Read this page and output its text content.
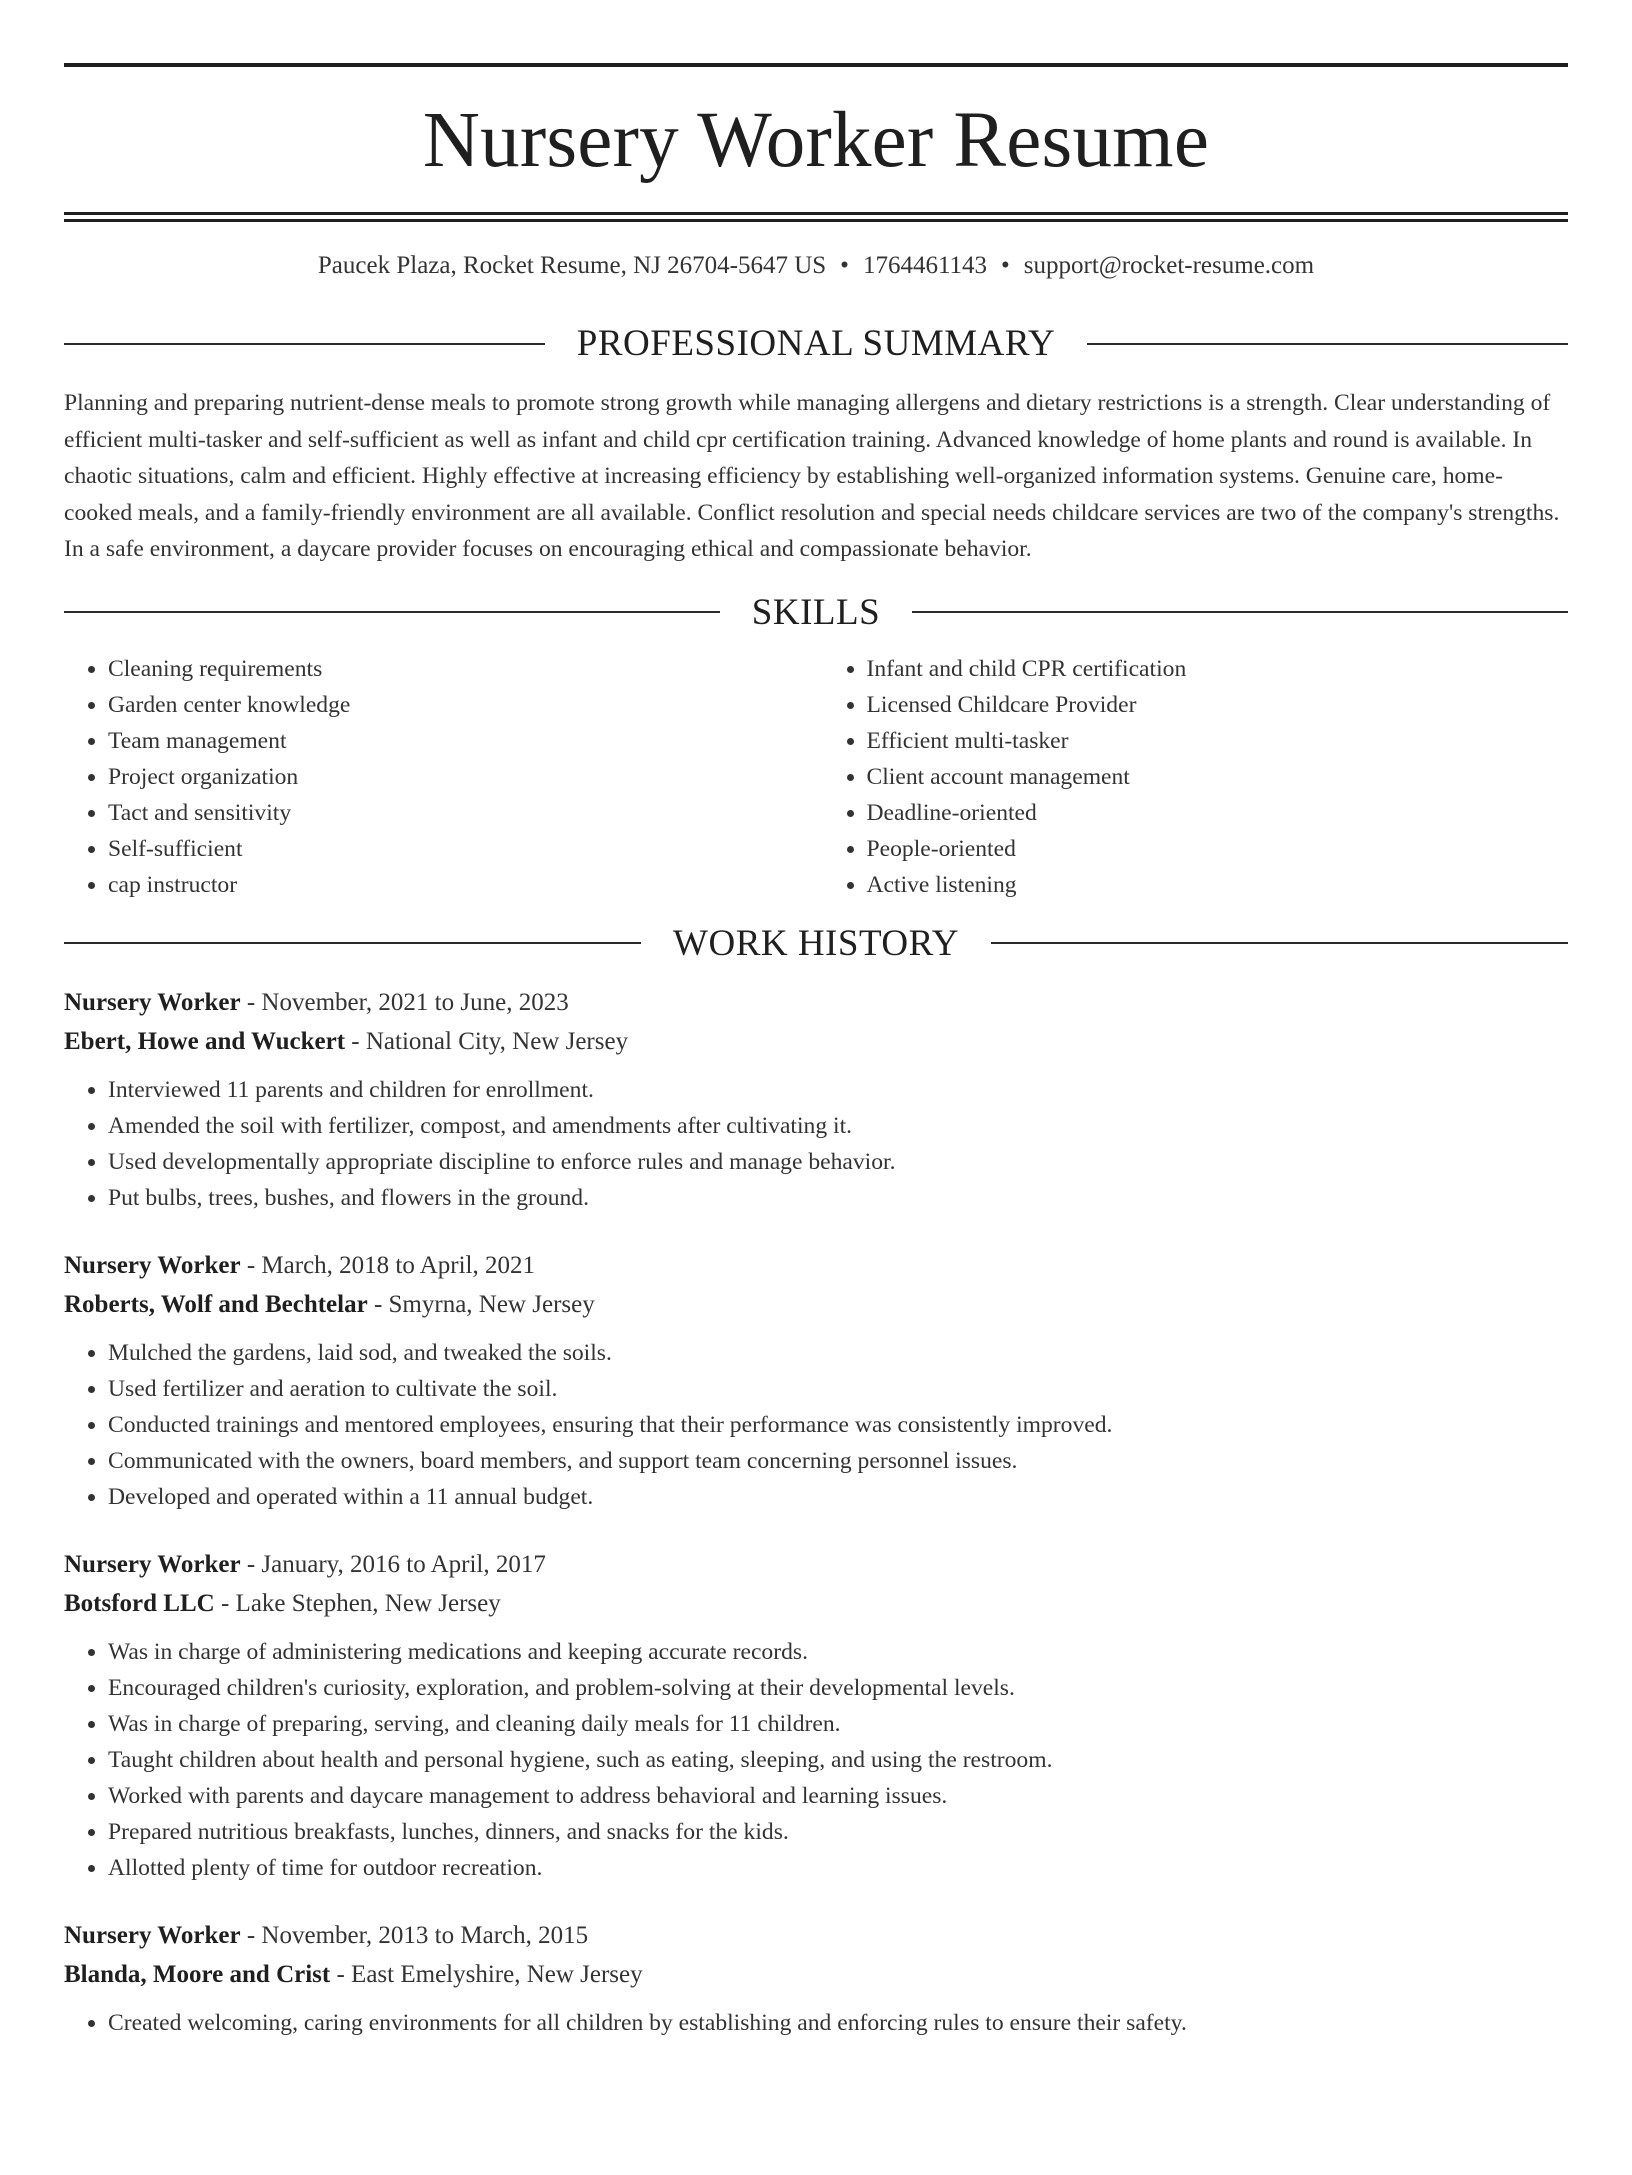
Nursery Worker Resume
Paucek Plaza, Rocket Resume, NJ 26704-5647 US • 1764461143 • support@rocket-resume.com
PROFESSIONAL SUMMARY
Planning and preparing nutrient-dense meals to promote strong growth while managing allergens and dietary restrictions is a strength. Clear understanding of efficient multi-tasker and self-sufficient as well as infant and child cpr certification training. Advanced knowledge of home plants and round is available. In chaotic situations, calm and efficient. Highly effective at increasing efficiency by establishing well-organized information systems. Genuine care, home-cooked meals, and a family-friendly environment are all available. Conflict resolution and special needs childcare services are two of the company's strengths. In a safe environment, a daycare provider focuses on encouraging ethical and compassionate behavior.
SKILLS
• Cleaning requirements
• Garden center knowledge
• Team management
• Project organization
• Tact and sensitivity
• Self-sufficient
• cap instructor
• Infant and child CPR certification
• Licensed Childcare Provider
• Efficient multi-tasker
• Client account management
• Deadline-oriented
• People-oriented
• Active listening
WORK HISTORY
Nursery Worker - November, 2021 to June, 2023
Ebert, Howe and Wuckert - National City, New Jersey
• Interviewed 11 parents and children for enrollment.
• Amended the soil with fertilizer, compost, and amendments after cultivating it.
• Used developmentally appropriate discipline to enforce rules and manage behavior.
• Put bulbs, trees, bushes, and flowers in the ground.
Nursery Worker - March, 2018 to April, 2021
Roberts, Wolf and Bechtelar - Smyrna, New Jersey
• Mulched the gardens, laid sod, and tweaked the soils.
• Used fertilizer and aeration to cultivate the soil.
• Conducted trainings and mentored employees, ensuring that their performance was consistently improved.
• Communicated with the owners, board members, and support team concerning personnel issues.
• Developed and operated within a 11 annual budget.
Nursery Worker - January, 2016 to April, 2017
Botsford LLC - Lake Stephen, New Jersey
• Was in charge of administering medications and keeping accurate records.
• Encouraged children's curiosity, exploration, and problem-solving at their developmental levels.
• Was in charge of preparing, serving, and cleaning daily meals for 11 children.
• Taught children about health and personal hygiene, such as eating, sleeping, and using the restroom.
• Worked with parents and daycare management to address behavioral and learning issues.
• Prepared nutritious breakfasts, lunches, dinners, and snacks for the kids.
• Allotted plenty of time for outdoor recreation.
Nursery Worker - November, 2013 to March, 2015
Blanda, Moore and Crist - East Emelyshire, New Jersey
• Created welcoming, caring environments for all children by establishing and enforcing rules to ensure their safety.
